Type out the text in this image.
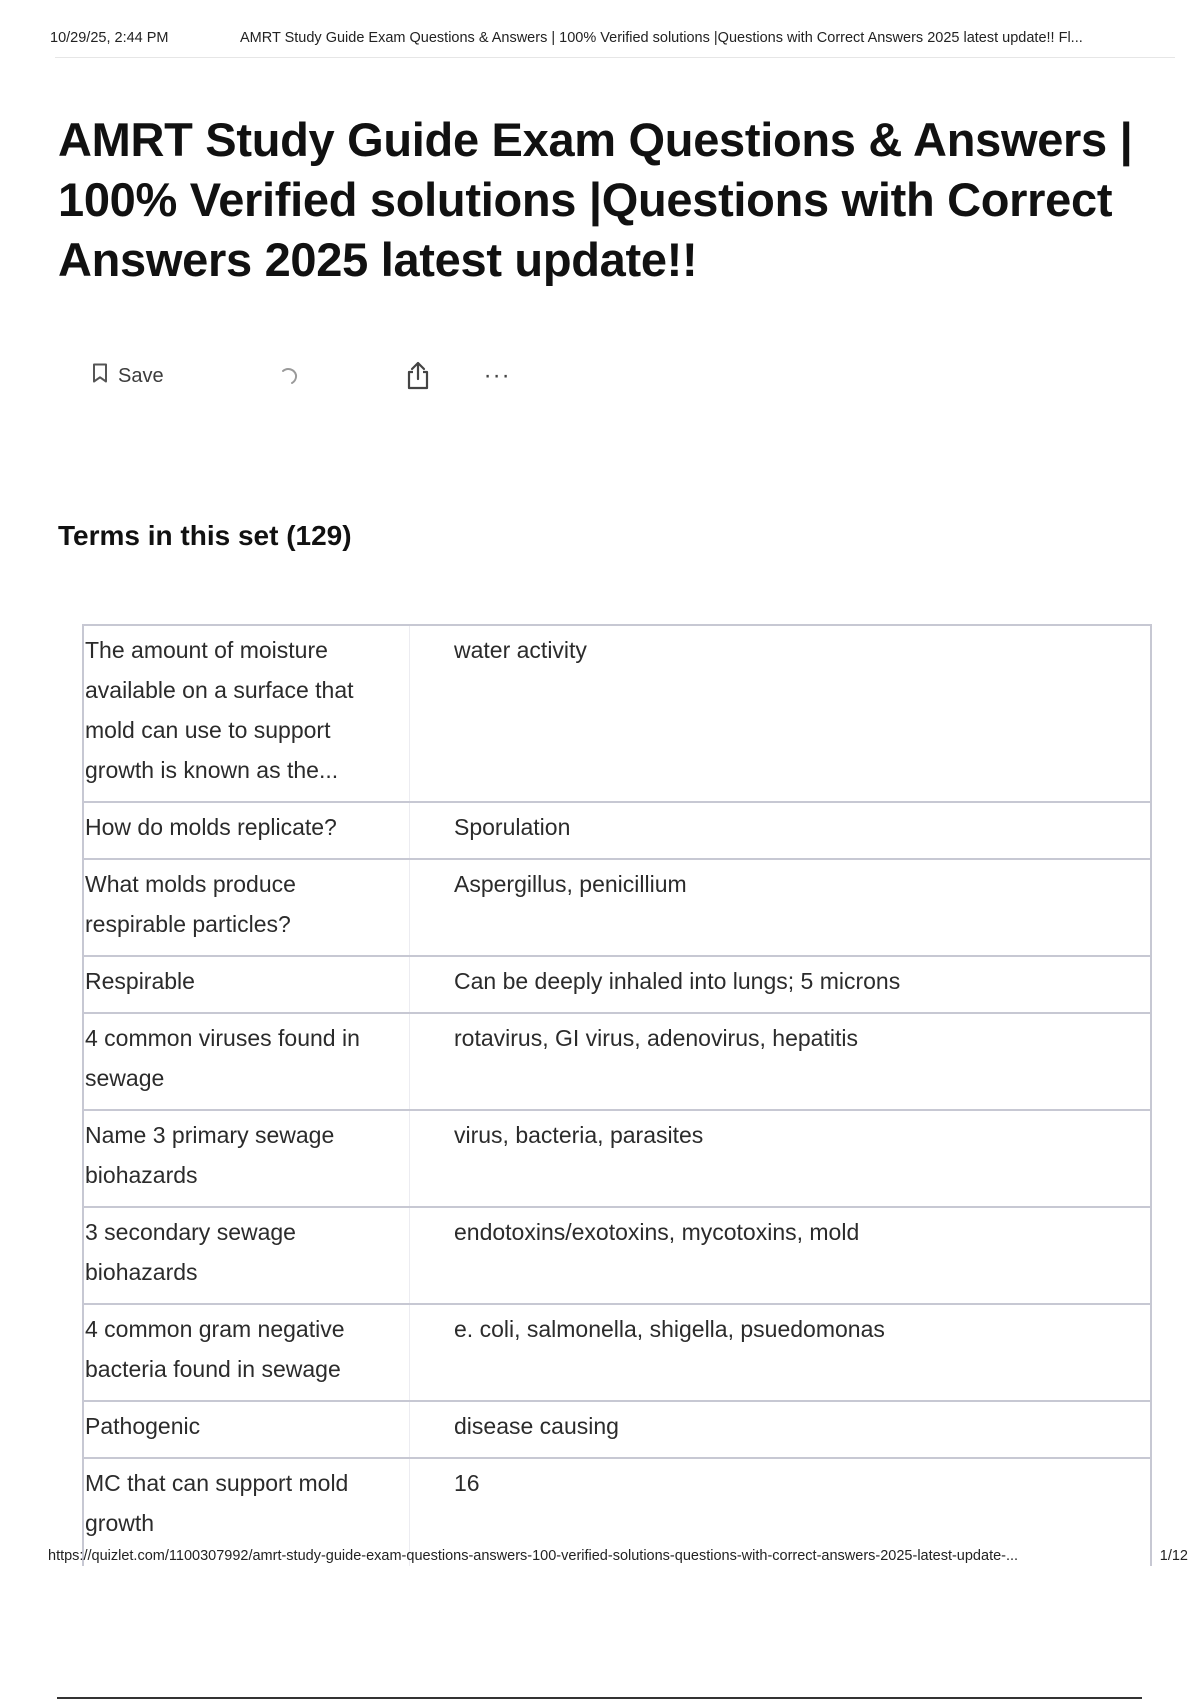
10/29/25, 2:44 PM	AMRT Study Guide Exam Questions & Answers | 100% Verified solutions |Questions with Correct Answers 2025 latest update!! Fl...
AMRT Study Guide Exam Questions & Answers | 100% Verified solutions |Questions with Correct Answers 2025 latest update!!
Save	···
Terms in this set (129)
The amount of moisture available on a surface that mold can use to support growth is known as the...	water activity
How do molds replicate?	Sporulation
What molds produce respirable particles?	Aspergillus, penicillium
Respirable	Can be deeply inhaled into lungs; 5 microns
4 common viruses found in sewage	rotavirus, GI virus, adenovirus, hepatitis
Name 3 primary sewage biohazards	virus, bacteria, parasites
3 secondary sewage biohazards	endotoxins/exotoxins, mycotoxins, mold
4 common gram negative bacteria found in sewage	e. coli, salmonella, shigella, psuedomonas
Pathogenic	disease causing
MC that can support mold growth	16
https://quizlet.com/1100307992/amrt-study-guide-exam-questions-answers-100-verified-solutions-questions-with-correct-answers-2025-latest-update-...	1/12
